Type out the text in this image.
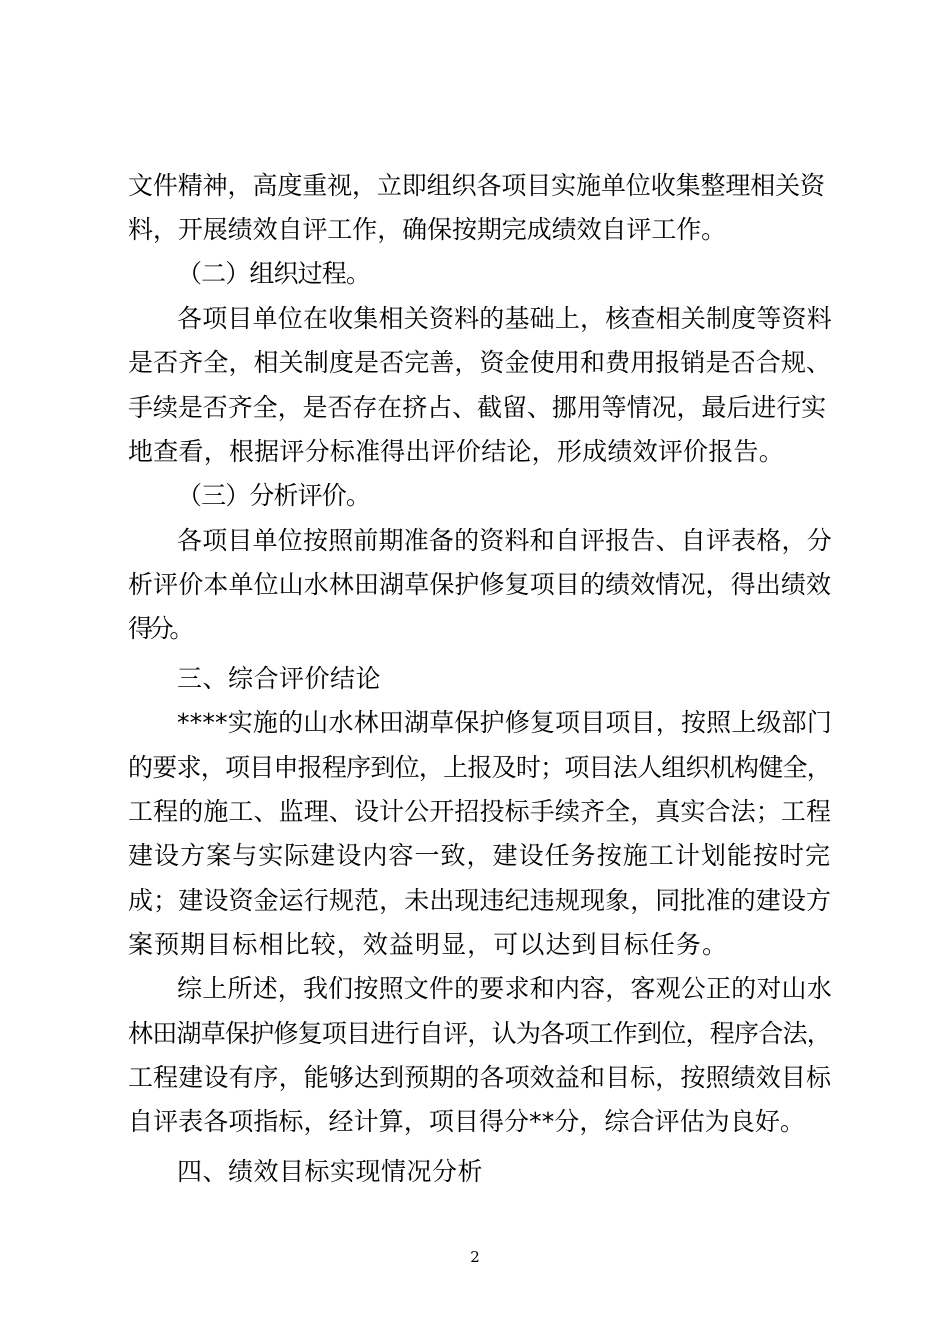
文件精神，高度重视，立即组织各项目实施单位收集整理相关资
料，开展绩效自评工作，确保按期完成绩效自评工作。
（二）组织过程。
各项目单位在收集相关资料的基础上，核查相关制度等资料
是否齐全，相关制度是否完善，资金使用和费用报销是否合规、
手续是否齐全，是否存在挤占、截留、挪用等情况，最后进行实
地查看，根据评分标准得出评价结论，形成绩效评价报告。
（三）分析评价。
各项目单位按照前期准备的资料和自评报告、自评表格，分
析评价本单位山水林田湖草保护修复项目的绩效情况，得出绩效
得分。
三、综合评价结论
****实施的山水林田湖草保护修复项目项目，按照上级部门
的要求，项目申报程序到位，上报及时；项目法人组织机构健全，
工程的施工、监理、设计公开招投标手续齐全，真实合法；工程
建设方案与实际建设内容一致，建设任务按施工计划能按时完
成；建设资金运行规范，未出现违纪违规现象，同批准的建设方
案预期目标相比较，效益明显，可以达到目标任务。
综上所述，我们按照文件的要求和内容，客观公正的对山水
林田湖草保护修复项目进行自评，认为各项工作到位，程序合法，
工程建设有序，能够达到预期的各项效益和目标，按照绩效目标
自评表各项指标，经计算，项目得分**分，综合评估为良好。
四、绩效目标实现情况分析
2
